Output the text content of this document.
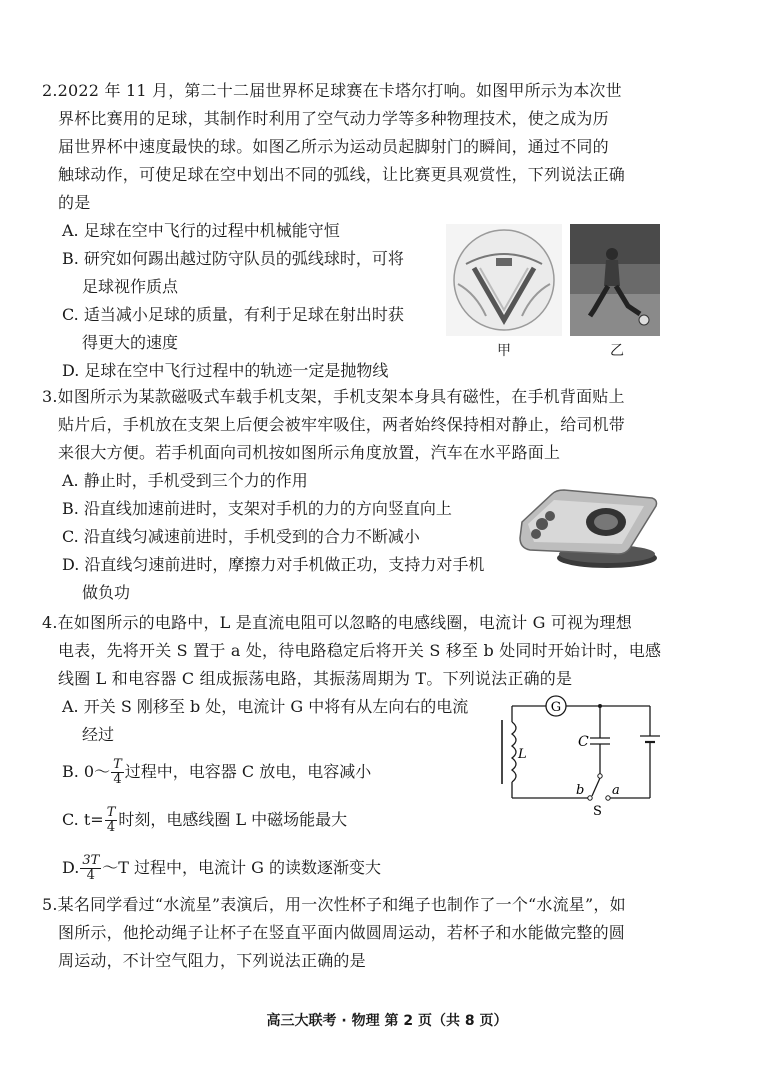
2.2022 年 11 月，第二十二届世界杯足球赛在卡塔尔打响。如图甲所示为本次世
界杯比赛用的足球，其制作时利用了空气动力学等多种物理技术，使之成为历
届世界杯中速度最快的球。如图乙所示为运动员起脚射门的瞬间，通过不同的
触球动作，可使足球在空中划出不同的弧线，让比赛更具观赏性，下列说法正确
的是
A. 足球在空中飞行的过程中机械能守恒
B. 研究如何踢出越过防守队员的弧线球时，可将
足球视作质点
C. 适当减小足球的质量，有利于足球在射出时获
得更大的速度
D. 足球在空中飞行过程中的轨迹一定是抛物线
甲	乙
3.如图所示为某款磁吸式车载手机支架，手机支架本身具有磁性，在手机背面贴上
贴片后，手机放在支架上后便会被牢牢吸住，两者始终保持相对静止，给司机带
来很大方便。若手机面向司机按如图所示角度放置，汽车在水平路面上
A. 静止时，手机受到三个力的作用
B. 沿直线加速前进时，支架对手机的力的方向竖直向上
C. 沿直线匀减速前进时，手机受到的合力不断减小
D. 沿直线匀速前进时，摩擦力对手机做正功，支持力对手机
做负功
4.在如图所示的电路中，L 是直流电阻可以忽略的电感线圈，电流计 G 可视为理想
电表，先将开关 S 置于 a 处，待电路稳定后将开关 S 移至 b 处同时开始计时，电感
线圈 L 和电容器 C 组成振荡电路，其振荡周期为 T。下列说法正确的是
A. 开关 S 刚移至 b 处，电流计 G 中将有从左向右的电流
经过
B. 0～ $\frac{T}{4}$ 过程中，电容器 C 放电，电容减小
C. $t= \frac{T}{4}$ 时刻，电感线圈 L 中磁场能最大
D. $\frac{3T}{4}$ ～T 过程中，电流计 G 的读数逐渐变大
G
C
L
b a
S
5.某名同学看过“水流星”表演后，用一次性杯子和绳子也制作了一个“水流星”，如
图所示，他抡动绳子让杯子在竖直平面内做圆周运动，若杯子和水能做完整的圆
周运动，不计空气阻力，下列说法正确的是
高三大联考 · 物理 第 2 页（共 8 页）
